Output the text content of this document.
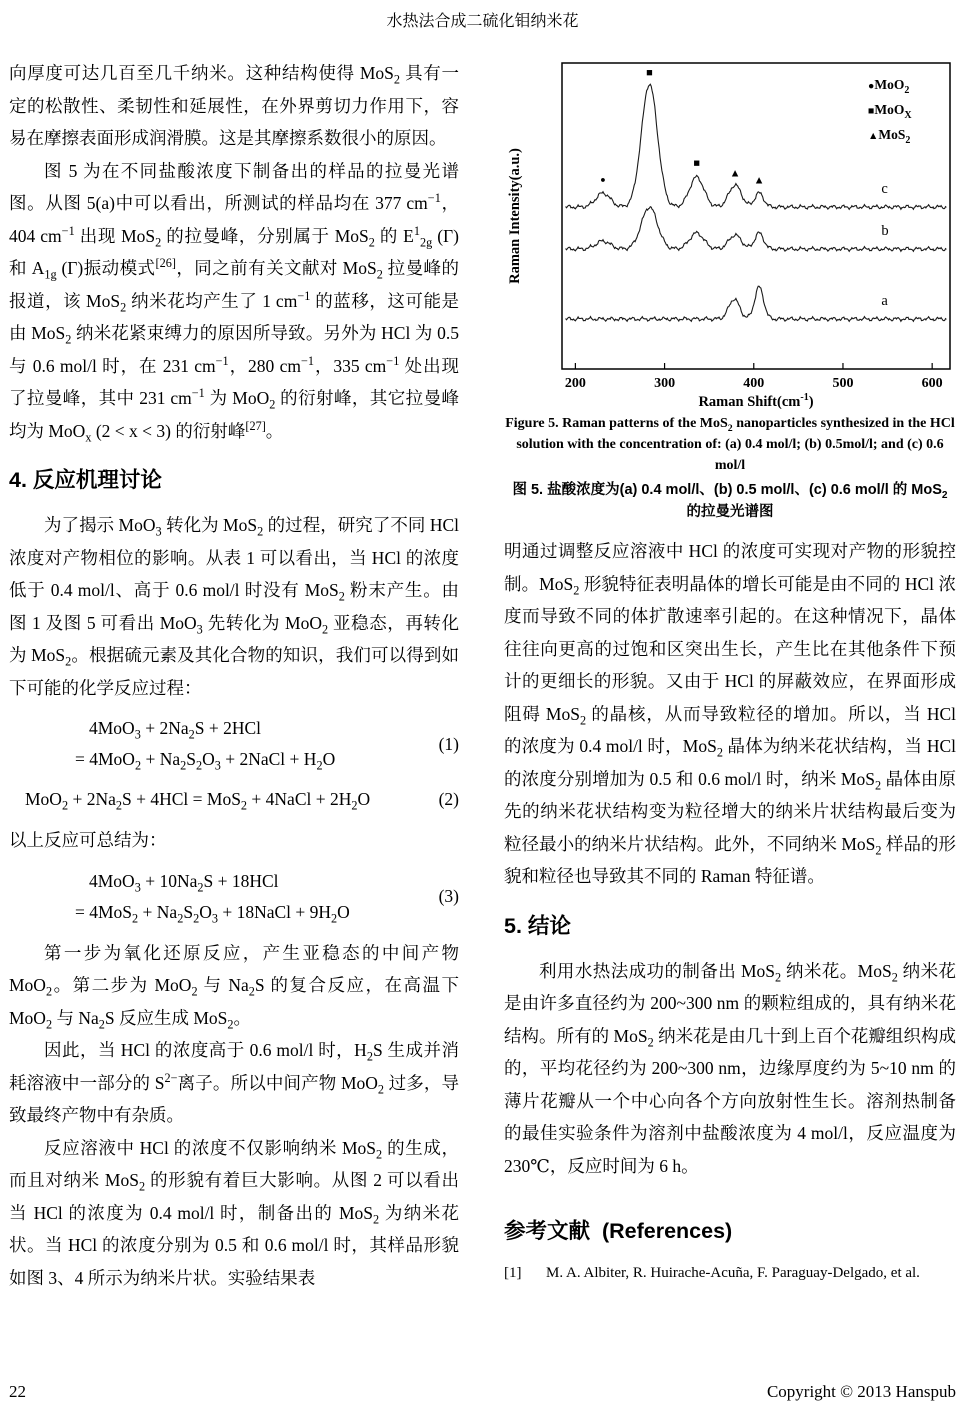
水热法合成二硫化钼纳米花

向厚度可达几百至几千纳米。这种结构使得 MoS$_2$ 具有一定的松散性、柔韧性和延展性，在外界剪切力作用下，容易在摩擦表面形成润滑膜。这是其摩擦系数很小的原因。

图 5 为在不同盐酸浓度下制备出的样品的拉曼光谱图。从图 5(a)中可以看出，所测试的样品均在 377 $cm^{-1}$，404 $cm^{-1}$ 出现 MoS$_2$ 的拉曼峰，分别属于 MoS$_2$ 的 $E^1_{2g}$ (Γ)和 $A_{1g}$ (Γ)振动模式[26]，同之前有关文献对 MoS$_2$ 拉曼峰的报道，该 MoS$_2$ 纳米花均产生了 1 $cm^{-1}$ 的蓝移，这可能是由 MoS$_2$ 纳米花紧束缚力的原因所导致。另外为 HCl 为 0.5 与 0.6 mol/l 时，在 231 $cm^{-1}$，280 $cm^{-1}$，335 $cm^{-1}$ 处出现了拉曼峰，其中 231 $cm^{-1}$ 为 MoO$_2$ 的衍射峰，其它拉曼峰均为 MoO$_x$ (2 < x < 3) 的衍射峰[27]。

4. 反应机理讨论

为了揭示 MoO$_3$ 转化为 MoS$_2$ 的过程，研究了不同 HCl 浓度对产物相位的影响。从表 1 可以看出，当 HCl 的浓度低于 0.4 mol/l、高于 0.6 mol/l 时没有 MoS$_2$ 粉末产生。由图 1 及图 5 可看出 MoO$_3$ 先转化为 MoO$_2$ 亚稳态，再转化为 MoS$_2$。根据硫元素及其化合物的知识，我们可以得到如下可能的化学反应过程：

$4MoO_3 + 2Na_2S + 2HCl$
= $4MoO_2 + Na_2S_2O_3$ + 2NaCl + $H_2O$
(1)
$MoO_2 + 2Na_2S + 4HCl = MoS_2$ + 4NaCl + $2H_2O$	(2)

以上反应可总结为：

$4MoO_3 + 10Na_2S + 18HCl$
= $4MoS_2 + Na_2S_2O_3$ + 18NaCl + $9H_2O$
(3)

第一步为氧化还原反应，产生亚稳态的中间产物 MoO$_2$。第二步为 MoO$_2$ 与 $Na_2S$ 的复合反应，在高温下 MoO$_2$ 与 $Na_2S$ 反应生成 MoS$_2$。

因此，当 HCl 的浓度高于 0.6 mol/l 时，$H_2S$ 生成并消耗溶液中一部分的 $S^{2-}$离子。所以中间产物 MoO$_2$ 过多，导致最终产物中有杂质。

反应溶液中 HCl 的浓度不仅影响纳米 MoS$_2$ 的生成，而且对纳米 MoS$_2$ 的形貌有着巨大影响。从图 2 可以看出当 HCl 的浓度为 0.4 mol/l 时，制备出的 MoS$_2$ 为纳米花状。当 HCl 的浓度分别为 0.5 和 0.6 mol/l 时，其样品形貌如图 3、4 所示为纳米片状。实验结果表

200	300	400	500	600
Raman $Shift(cm^{-1})$
Raman Intensity(a.u.)
a
b
c
●
■
■
▲
▲
●MoO$_2$
■MoO$_X$
▲MoS$_2$
Figure 5. Raman patterns of the MoS$_2$ nanoparticles synthesized in the HCl solution with the concentration of: (a) 0.4 mol/l; (b) 0.5mol/l; and (c) 0.6 mol/l
图 5. 盐酸浓度为(a) 0.4 mol/l、(b) 0.5 mol/l、(c) 0.6 mol/l 的 MoS$_2$ 的拉曼光谱图

明通过调整反应溶液中 HCl 的浓度可实现对产物的形貌控制。MoS$_2$ 形貌特征表明晶体的增长可能是由不同的 HCl 浓度而导致不同的体扩散速率引起的。在这种情况下，晶体往往向更高的过饱和区突出生长，产生比在其他条件下预计的更细长的形貌。又由于 HCl 的屏蔽效应，在界面形成阻碍 MoS$_2$ 的晶核，从而导致粒径的增加。所以，当 HCl 的浓度为 0.4 mol/l 时，MoS$_2$ 晶体为纳米花状结构，当 HCl 的浓度分别增加为 0.5 和 0.6 mol/l 时，纳米 MoS$_2$ 晶体由原先的纳米花状结构变为粒径增大的纳米片状结构最后变为粒径最小的纳米片状结构。此外，不同纳米 MoS$_2$ 样品的形貌和粒径也导致其不同的 Raman 特征谱。

5. 结论

利用水热法成功的制备出 MoS$_2$ 纳米花。MoS$_2$ 纳米花是由许多直径约为 200~300 nm 的颗粒组成的，具有纳米花结构。所有的 MoS$_2$ 纳米花是由几十到上百个花瓣组织构成的，平均花径约为 200~300 nm，边缘厚度约为 5~10 nm 的薄片花瓣从一个中心向各个方向放射性生长。溶剂热制备的最佳实验条件为溶剂中盐酸浓度为 4 mol/l，反应温度为 230℃，反应时间为 6 h。

参考文献  (References)
[1]	M. A. Albiter, R. Huirache-Acuña, F. Paraguay-Delgado, et al.
22	Copyright © 2013 Hanspub
